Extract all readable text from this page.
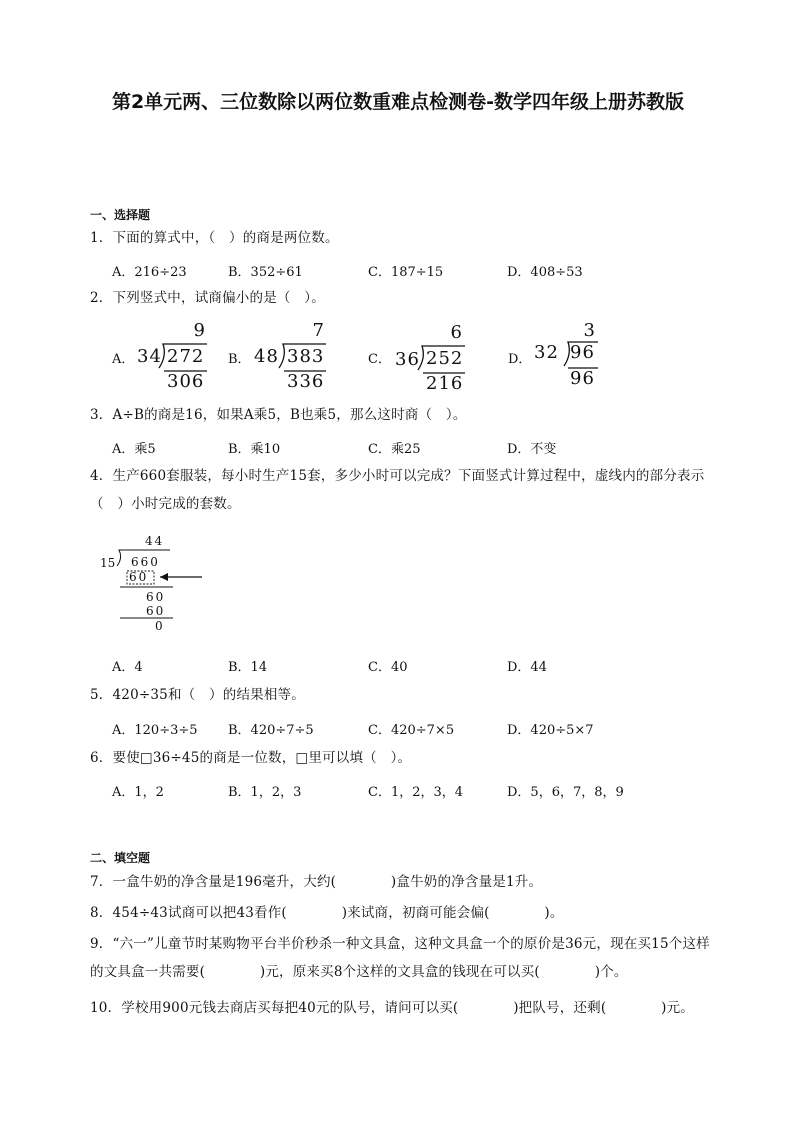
第2单元两、三位数除以两位数重难点检测卷-数学四年级上册苏教版
一、选择题
1．下面的算式中，（　）的商是两位数。
A．216÷23	B．352÷61	C．187÷15	D．408÷53
2．下列竖式中，试商偏小的是（　）。
A． 34
9
272
306
B． 48
7
383
336
C． 36
6
252
216
D． 32
3
96
96
3．A÷B的商是16，如果A乘5，B也乘5，那么这时商（　）。
A．乘5	B．乘10	C．乘25	D．不变
4．生产660套服装，每小时生产15套，多少小时可以完成？下面竖式计算过程中，虚线内的部分表示（　）小时完成的套数。
44
15 660
60
60
60
0
A．4	B．14	C．40	D．44
5．420÷35和（　）的结果相等。
A．120÷3÷5 B．420÷7÷5	C．420÷7×5	D．420÷5×7
6．要使□36÷45的商是一位数，□里可以填（　）。
A．1，2	B．1，2，3	C．1，2，3，4	D．5，6，7，8，9
二、填空题
7．一盒牛奶的净含量是196毫升，大约(　　　　)盒牛奶的净含量是1升。
8．454÷43试商可以把43看作(　　　　)来试商，初商可能会偏(　　　　)。
9．“六一”儿童节时某购物平台半价秒杀一种文具盒，这种文具盒一个的原价是36元，现在买15个这样的文具盒一共需要(　　　　)元，原来买8个这样的文具盒的钱现在可以买(　　　　)个。
10．学校用900元钱去商店买每把40元的队号，请问可以买(　　　　)把队号，还剩(　　　　)元。
